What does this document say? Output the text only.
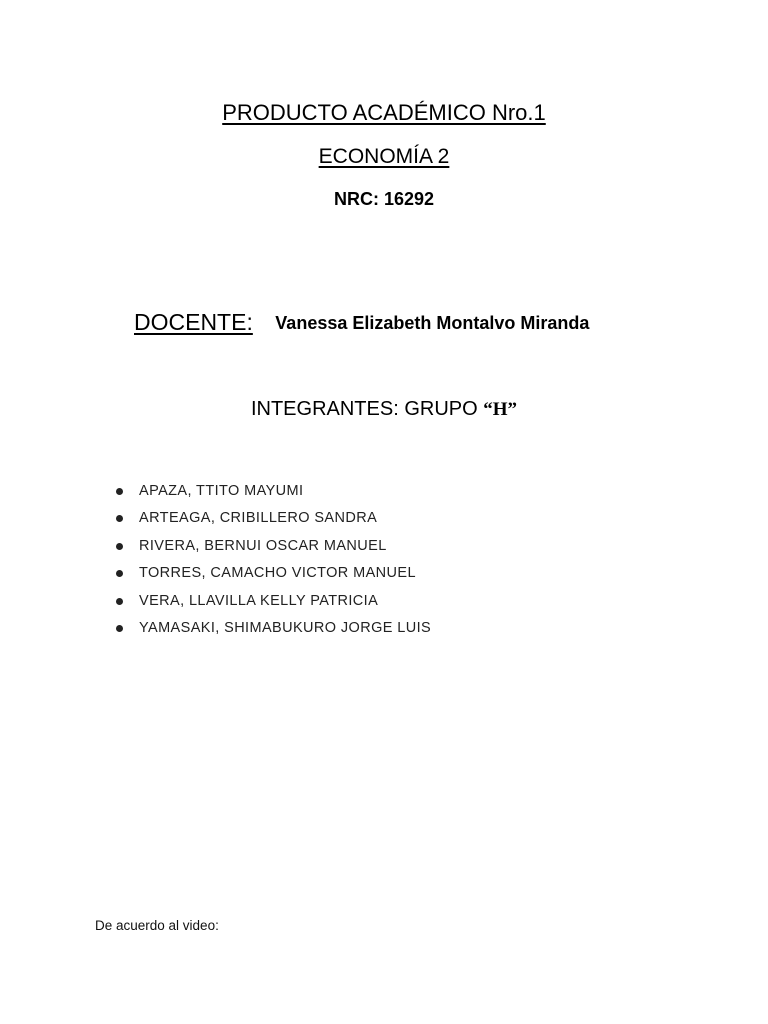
PRODUCTO ACADÉMICO Nro.1
ECONOMÍA 2
NRC: 16292
DOCENTE: Vanessa Elizabeth Montalvo Miranda
INTEGRANTES: GRUPO “H”
APAZA, TTITO MAYUMI
ARTEAGA, CRIBILLERO SANDRA
RIVERA, BERNUI OSCAR MANUEL
TORRES, CAMACHO VICTOR MANUEL
VERA, LLAVILLA KELLY PATRICIA
YAMASAKI, SHIMABUKURO JORGE LUIS
De acuerdo al video:
